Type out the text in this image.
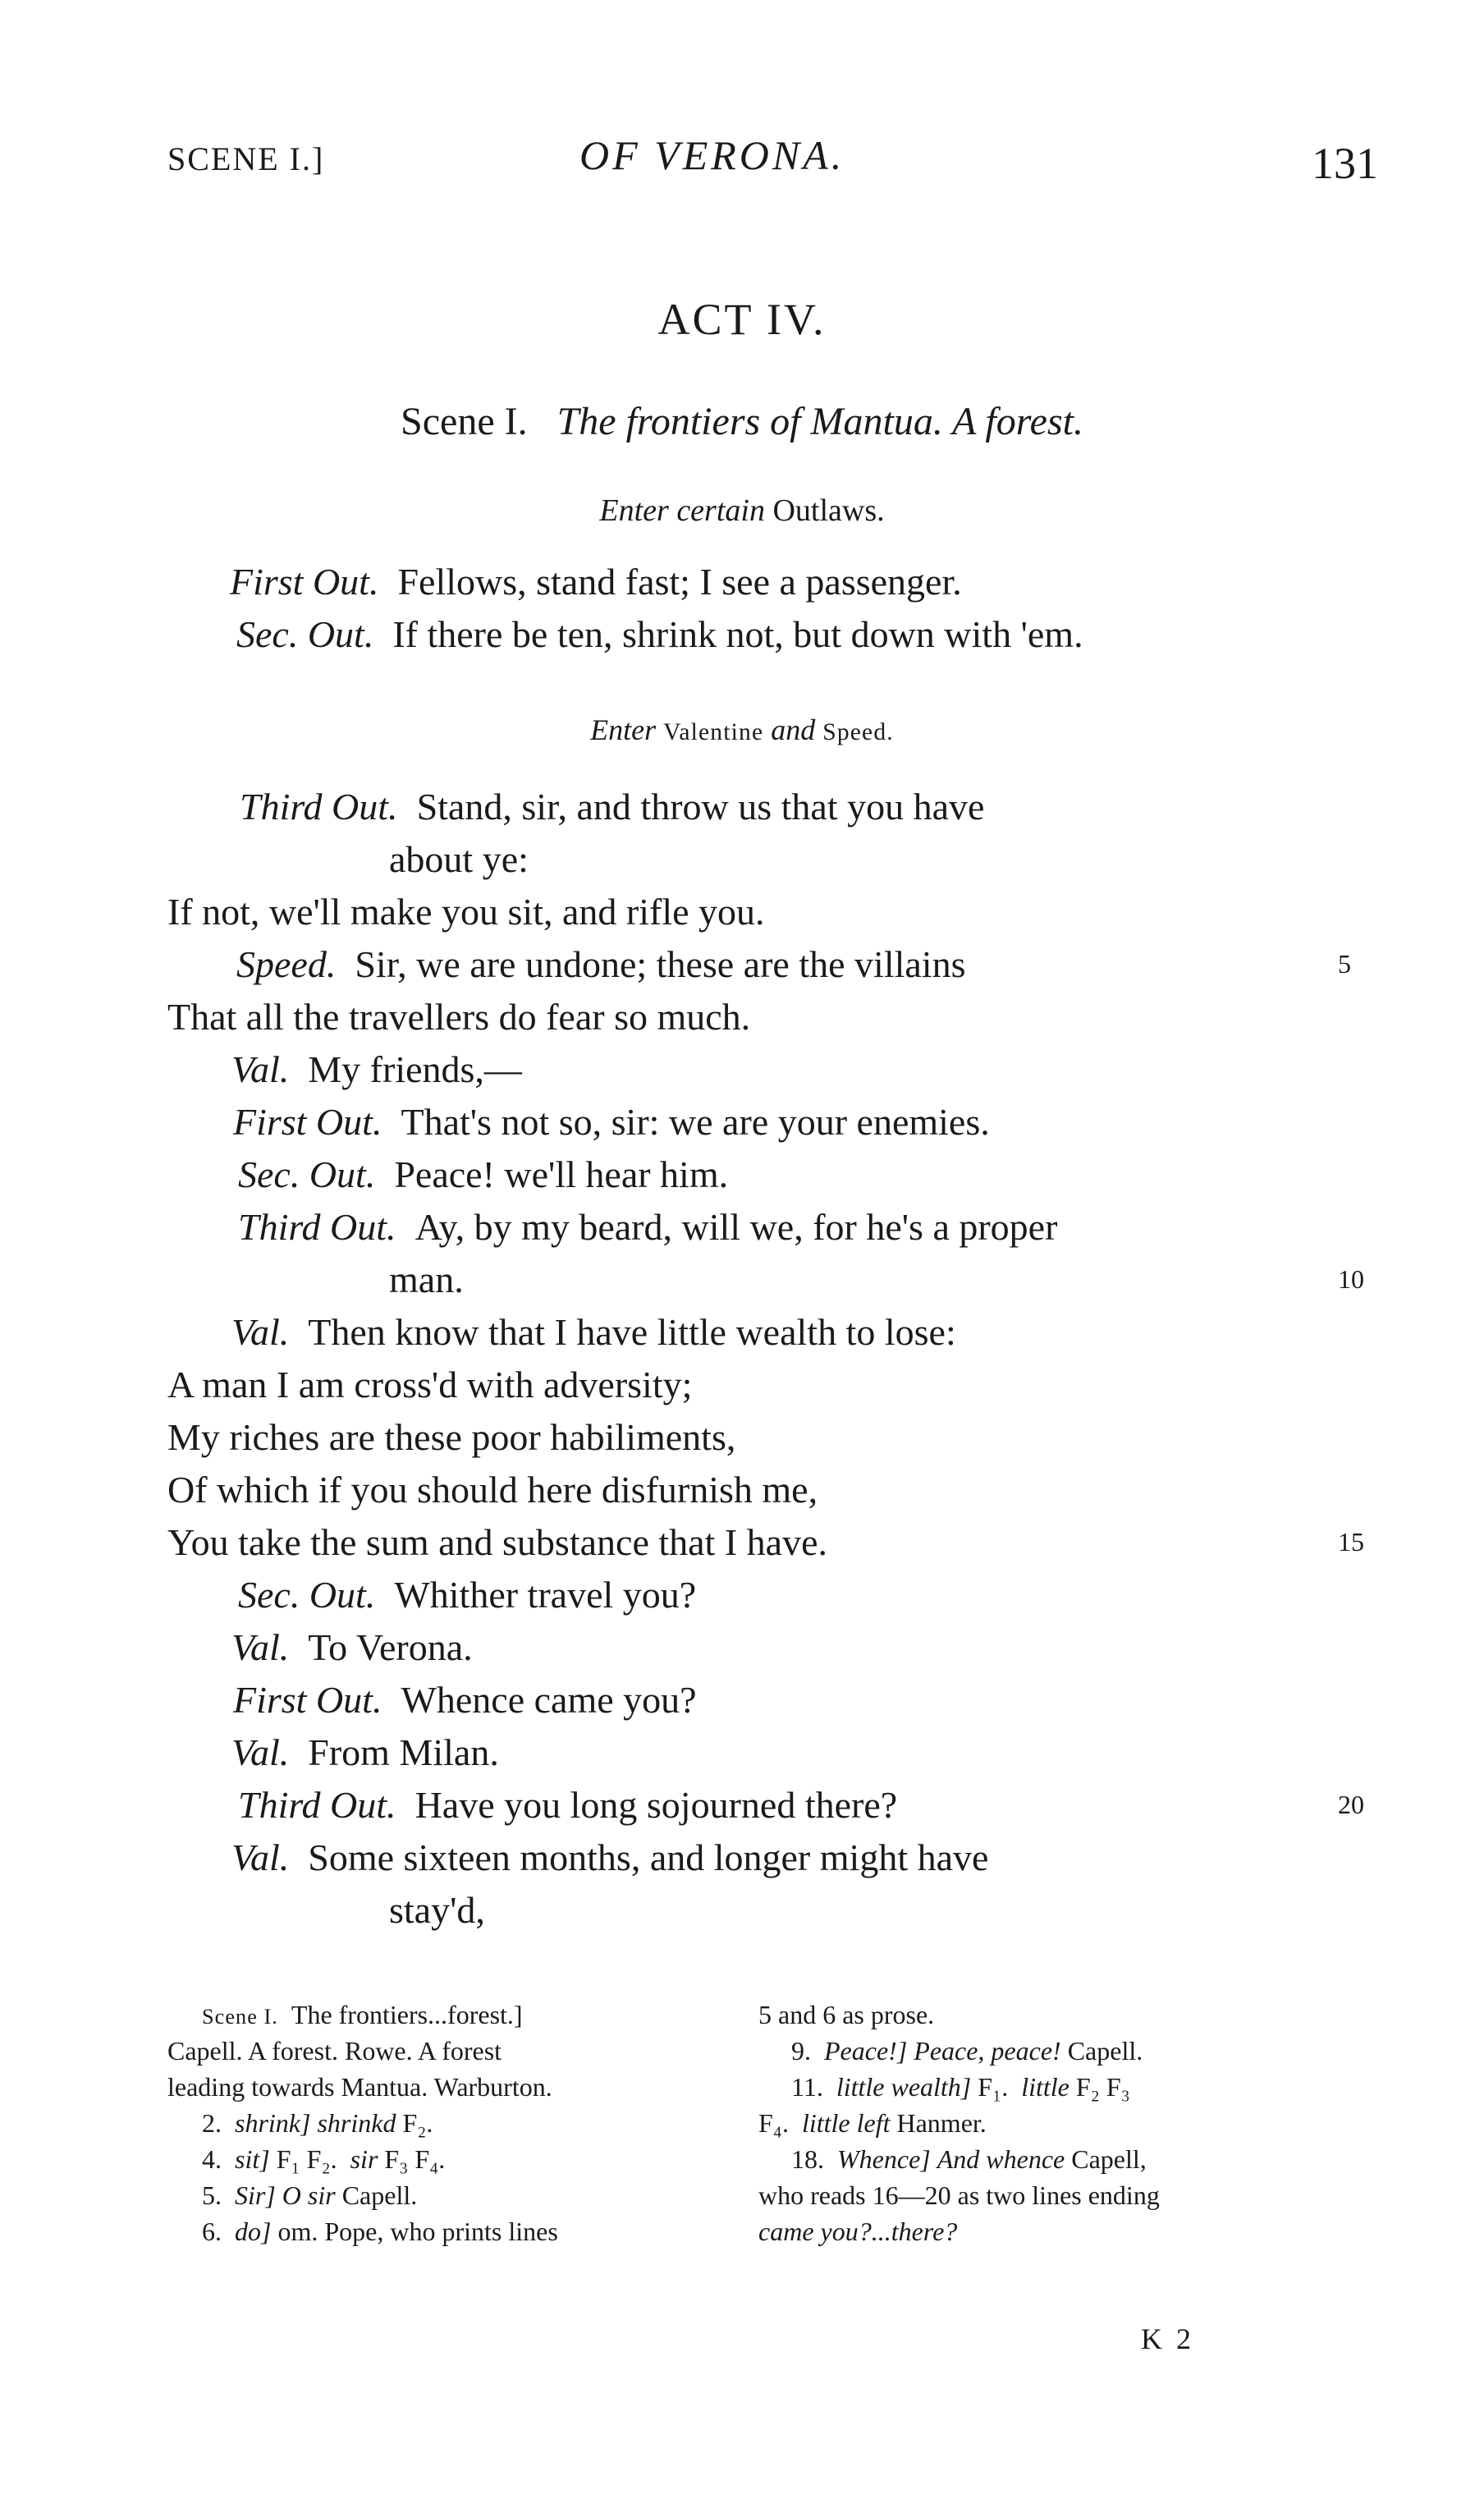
SCENE I.]	OF VERONA.	131
ACT IV.
Scene I. The frontiers of Mantua. A forest.
Enter certain Outlaws.
First Out. Fellows, stand fast; I see a passenger.
Sec. Out. If there be ten, shrink not, but down with 'em.
Enter Valentine and Speed.
Third Out. Stand, sir, and throw us that you have
about ye:
If not, we'll make you sit, and rifle you.
Speed. Sir, we are undone; these are the villains	5
That all the travellers do fear so much.
Val. My friends,—
First Out. That's not so, sir: we are your enemies.
Sec. Out. Peace! we'll hear him.
Third Out. Ay, by my beard, will we, for he's a proper
man.	10
Val. Then know that I have little wealth to lose:
A man I am cross'd with adversity;
My riches are these poor habiliments,
Of which if you should here disfurnish me,
You take the sum and substance that I have.	15
Sec. Out. Whither travel you?
Val. To Verona.
First Out. Whence came you?
Val. From Milan.
Third Out. Have you long sojourned there?	20
Val. Some sixteen months, and longer might have
stay'd,
Scene I. The frontiers...forest.]
Capell. A forest. Rowe. A forest
leading towards Mantua. Warburton.
2. shrink] shrinkd F₂.
4. sit] F₁ F₂. sir F₃ F₄.
5. Sir] O sir Capell.
6. do] om. Pope, who prints lines
5 and 6 as prose.
9. Peace!] Peace, peace! Capell.
11. little wealth] F₁. little F₂ F₃
F₄. little left Hanmer.
18. Whence] And whence Capell,
who reads 16—20 as two lines ending
came you?...there?
K 2
